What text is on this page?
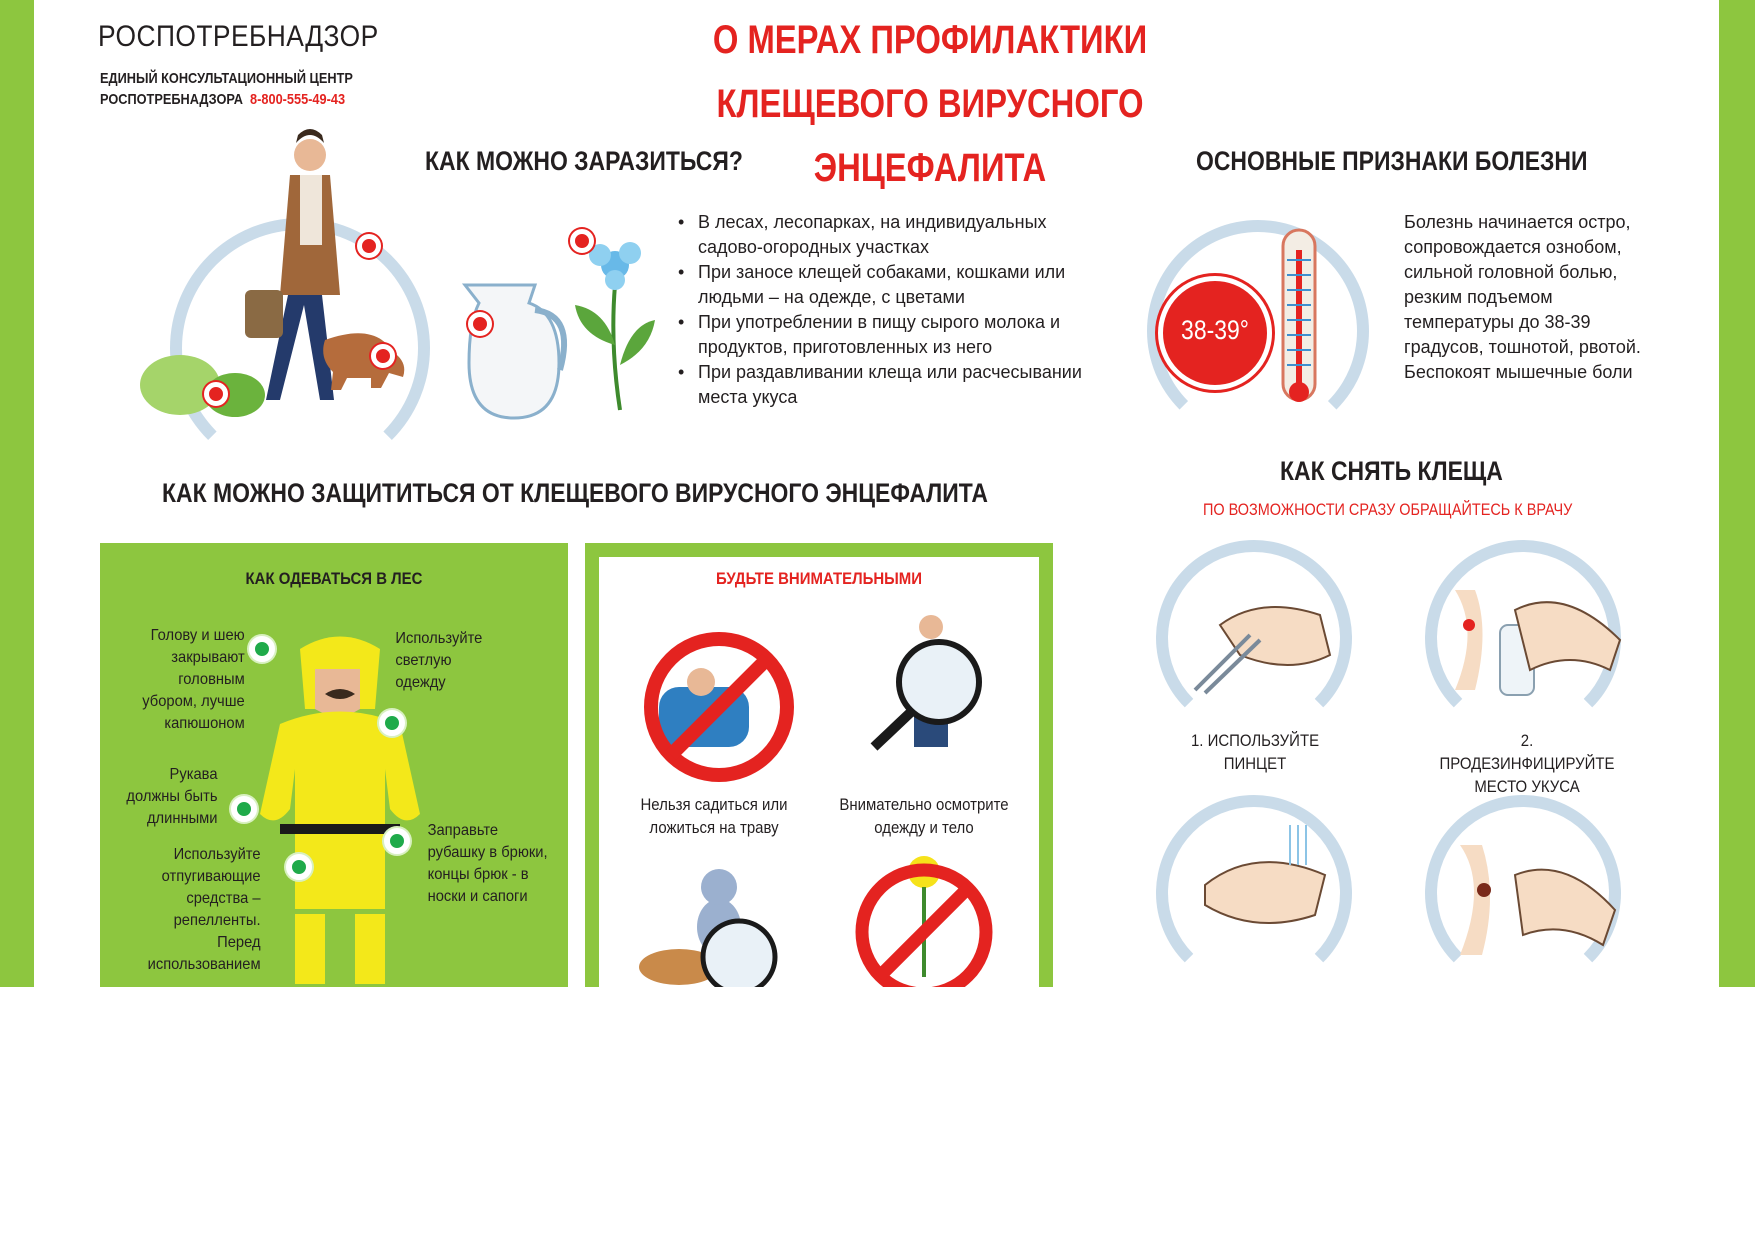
РОСПОТРЕБНАДЗОР
ЕДИНЫЙ КОНСУЛЬТАЦИОННЫЙ ЦЕНТР
РОСПОТРЕБНАДЗОРА 8-800-555-49-43
О МЕРАХ ПРОФИЛАКТИКИ
КЛЕЩЕВОГО ВИРУСНОГО ЭНЦЕФАЛИТА
КАК МОЖНО ЗАРАЗИТЬСЯ?
• В лесах, лесопарках, на индивидуальных садово-огородных участках
• При заносе клещей собаками, кошками или людьми – на одежде, с цветами
• При употреблении в пищу сырого молока и продуктов, приготовленных из него
• При раздавливании клеща или расчесывании места укуса
ОСНОВНЫЕ ПРИЗНАКИ БОЛЕЗНИ
38-39°
Болезнь начинается остро, сопровождается ознобом, сильной головной болью, резким подъемом температуры до 38-39 градусов, тошнотой, рвотой. Беспокоят мышечные боли
КАК МОЖНО ЗАЩИТИТЬСЯ ОТ КЛЕЩЕВОГО ВИРУСНОГО ЭНЦЕФАЛИТА
КАК ОДЕВАТЬСЯ В ЛЕС
Голову и шею закрывают головным убором, лучше капюшоном
Используйте светлую одежду
Рукава должны быть длинными
Заправьте рубашку в брюки, концы брюк - в носки и сапоги
Используйте отпугивающие средства – репелленты. Перед использованием
БУДЬТЕ ВНИМАТЕЛЬНЫМИ
Нельзя садиться или ложиться на траву
Внимательно осмотрите одежду и тело
КАК СНЯТЬ КЛЕЩА
ПО ВОЗМОЖНОСТИ СРАЗУ ОБРАЩАЙТЕСЬ К ВРАЧУ
1. ИСПОЛЬЗУЙТЕ ПИНЦЕТ
2. ПРОДЕЗИНФИЦИРУЙТЕ МЕСТО УКУСА
